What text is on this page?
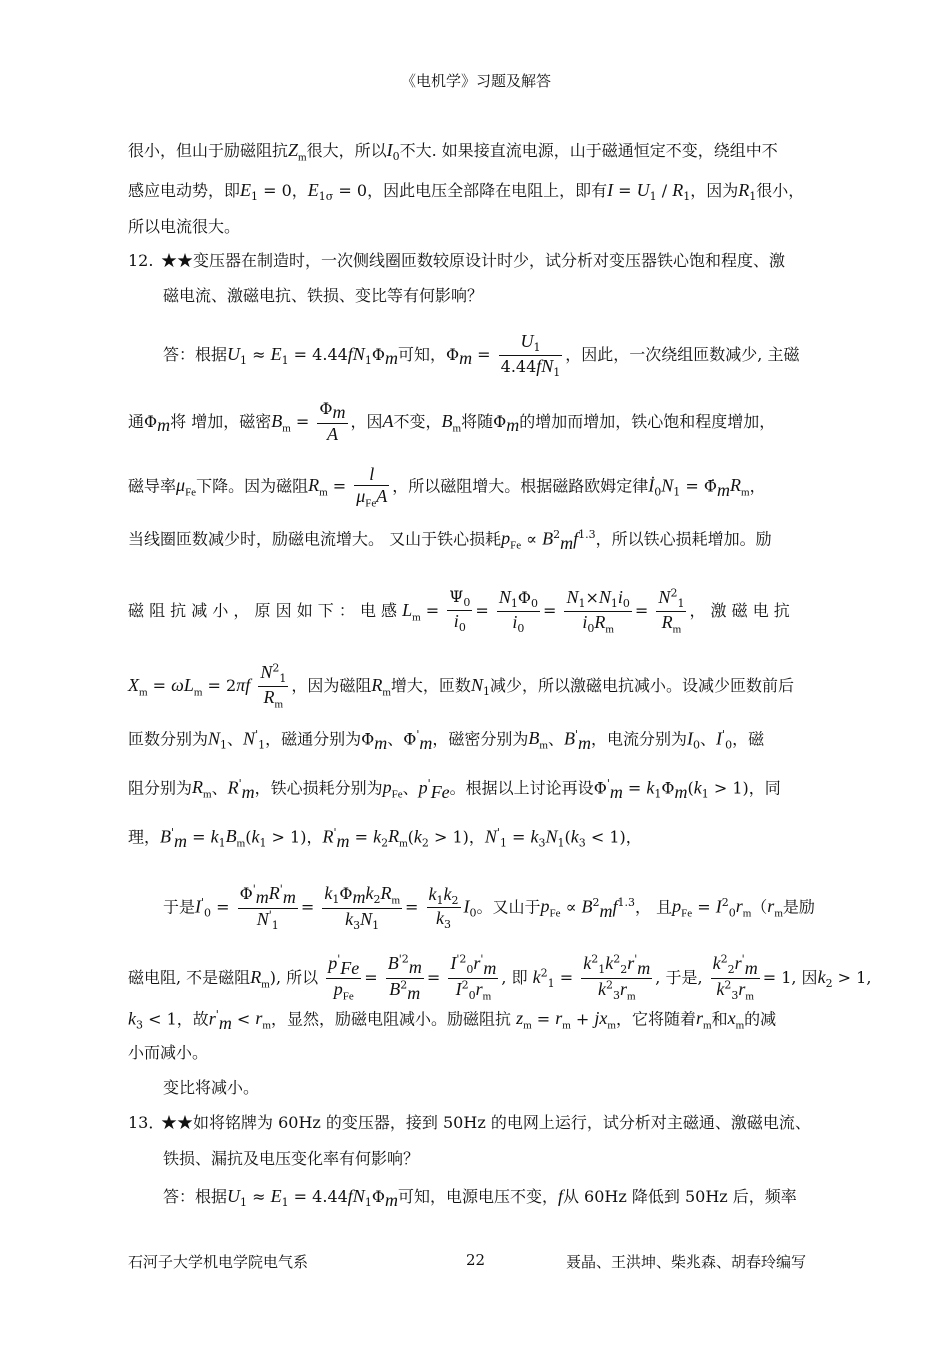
《电机学》习题及解答
很小，但山于励磁阻抗$Z_m$很大，所以$I_0$不大. 如果接直流电源，山于磁通恒定不变，绕组中不
感应电动势，即$E_1 = 0$，$E_{1\sigma} = 0$，因此电压全部降在电阻上，即有$I = U_1 / R_1$，因为$R_1$很小，
所以电流很大。
12. ★★变压器在制造时，一次侧线圈匝数较原设计时少，试分析对变压器铁心饱和程度、激
磁电流、激磁电抗、铁损、变比等有何影响？
答：根据$U_1 \approx E_1 = 4.44fN_1\Phi_m$可知，$\Phi_m = \frac{U_1}{4.44fN_1}$ ，因此，一次绕组匝数减少, 主磁
通$\Phi_m$将 增加，磁密$B_m = \frac{\Phi_m}{A}$ ，因A不变，$B_m$将随$\Phi_m$的增加而增加，铁心饱和程度增加，
磁导率$\mu_{Fe}$下降。因为磁阻$R_m = \frac{l}{\mu_{Fe}A}$ ，所以磁阻增大。根据磁路欧姆定律$İ_0N_1$ = $\Phi̇_mR_m$，
当线圈匝数减少时，励磁电流增大。 又山于铁心损耗$p_{Fe} \propto B^2_mf^{1.3}$，所以铁心损耗增加。励
磁 阻 抗 减 小 ， 原 因 如 下 ： 电 感 $L_m = \frac{\Psi_0}{i_0} = \frac{N_1\Phi_0}{i_0} = \frac{N_1\times N_1i_0}{i_0R_m} = \frac{N^2_1}{R_m}$ ， 激 磁 电 抗
$X_m = \omega L_m = 2\pi f \frac{N^2_1}{R_m}$ ，因为磁阻$R_m$增大，匝数$N_1$减少，所以激磁电抗减小。设减少匝数前后
匝数分别为$N_1$、$N'_1$，磁通分别为$\Phi_m$、$\Phi'_m$，磁密分别为$B_m$、$B'_m$，电流分别为$I_0$、$I'_0$，磁
阻分别为$R_m$、$R'_m$，铁心损耗分别为$p_{Fe}$、$p'_{Fe}$。根据以上讨论再设$\Phi'_m = k_1\Phi_m(k_1 > 1)$，同
理，$B'_m = k_1B_m(k_1 > 1)$，$R'_m = k_2R_m(k_2 > 1)$，$N'_1 = k_3N_1(k_3 < 1)$，
于是$I'_0 = \frac{\Phi'_mR'_m}{N'_1} = \frac{k_1\Phi_mk_2R_m}{k_3N_1} = \frac{k_1k_2}{k_3} I_0$。又山于$p_{Fe} \propto B^2_mf^{1.3}$， 且$p_{Fe} = I^2_0r_m(r_m$是励
磁电阻, 不是磁阻$R_m$), 所以 $\frac{p'_{Fe}}{p_{Fe}} = \frac{B^{'2}_m}{B^2_m} = \frac{I^{'2}_0r'_m}{I^2_0r_m}$ , 即 $k^2_1 = \frac{k^2_1k^2_2r'_m}{k^2_3r_m}$ , 于是, $\frac{k^2_2r'_m}{k^2_3r_m} = 1$, 因$k_2 > 1$,
$k_3 < 1$，故$r'_m < r_m$，显然，励磁电阻减小。励磁阻抗 $z_m = r_m + jx_m$，它将随着$r_m$和$x_m$的减
小而减小。
变比将减小。
13．★★如将铭牌为 60Hz 的变压器，接到 50Hz 的电网上运行，试分析对主磁通、激磁电流、
铁损、漏抗及电压变化率有何影响？
答：根据$U_1 \approx E_1 = 4.44fN_1\Phi_m$可知，电源电压不变，f从 60Hz 降低到 50Hz 后，频率
石河子大学机电学院电气系	22	聂晶、王洪坤、柴兆森、胡春玲编写
